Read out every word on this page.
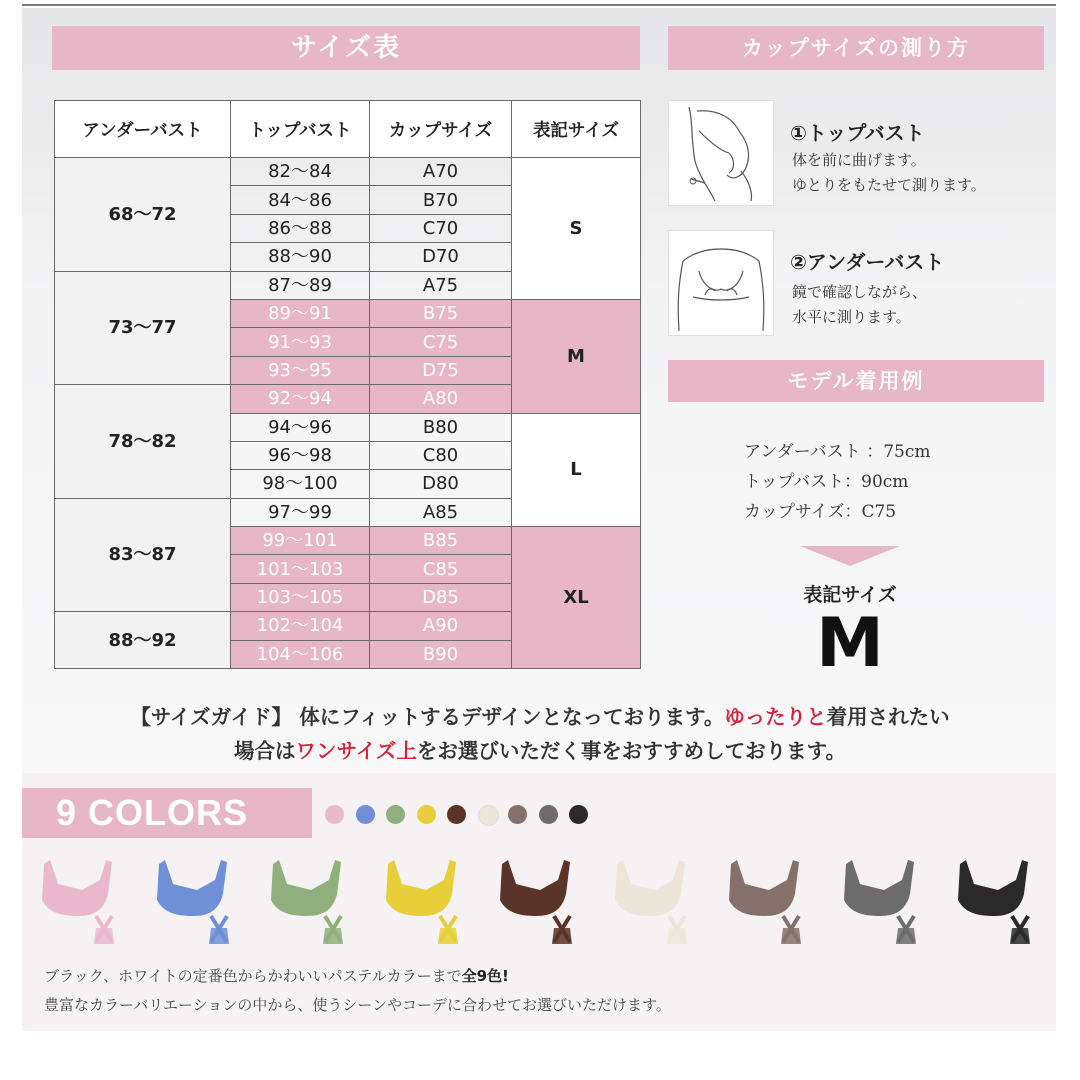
サイズ表	カップサイズの測り方
アンダーバスト	トップバスト	カップサイズ	表記サイズ
68〜72	82〜84	A70	S
	84〜86	B70	
	86〜88	C70	
	88〜90	D70	
73〜77	87〜89	A75	
	89〜91	B75	M
	91〜93	C75	
	93〜95	D75	
78〜82	92〜94	A80	
	94〜96	B80	L
	96〜98	C80	
	98〜100	D80	
83〜87	97〜99	A85	
	99〜101	B85	XL
	101〜103	C85	
	103〜105	D85	
88〜92	102〜104	A90	
	104〜106	B90	
①トップバスト
体を前に曲げます。
ゆとりをもたせて測ります。
②アンダーバスト
鏡で確認しながら、
水平に測ります。
モデル着用例
アンダーバスト ：75cm
トップバスト：90cm
カップサイズ：C75
表記サイズ
M
【サイズガイド】 体にフィットするデザインとなっております。ゆったりと着用されたい
場合はワンサイズ上をお選びいただく事をおすすめしております。
9 COLORS
ブラック、ホワイトの定番色からかわいいパステルカラーまで全9色!
豊富なカラーバリエーションの中から、使うシーンやコーデに合わせてお選びいただけます。
